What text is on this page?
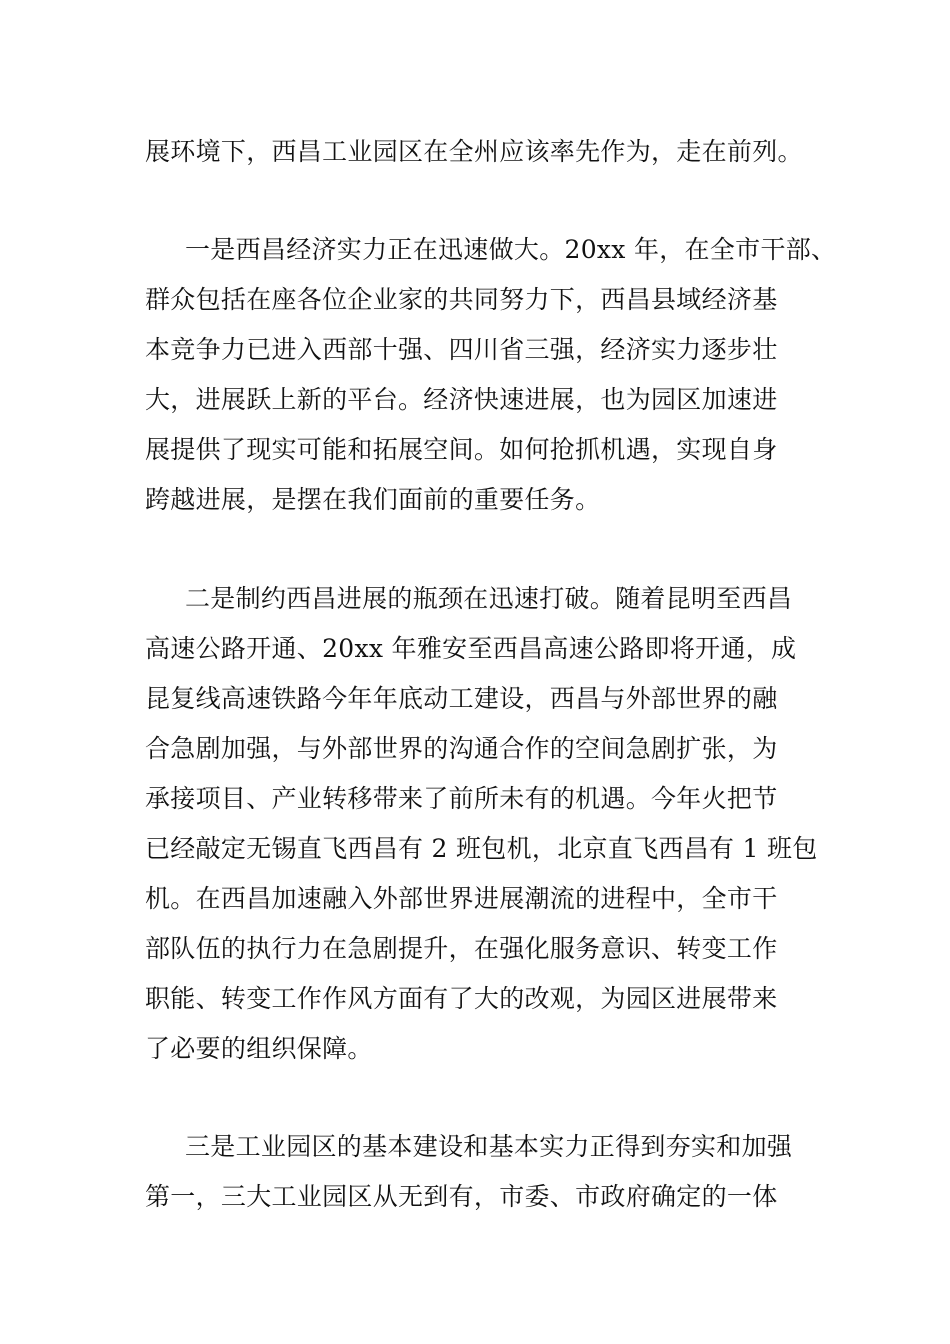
展环境下，西昌工业园区在全州应该率先作为，走在前列。
一是西昌经济实力正在迅速做大。20xx 年，在全市干部、
群众包括在座各位企业家的共同努力下，西昌县域经济基
本竞争力已进入西部十强、四川省三强，经济实力逐步壮
大，进展跃上新的平台。经济快速进展，也为园区加速进
展提供了现实可能和拓展空间。如何抢抓机遇，实现自身
跨越进展，是摆在我们面前的重要任务。
二是制约西昌进展的瓶颈在迅速打破。随着昆明至西昌
高速公路开通、20xx 年雅安至西昌高速公路即将开通，成
昆复线高速铁路今年年底动工建设，西昌与外部世界的融
合急剧加强，与外部世界的沟通合作的空间急剧扩张，为
承接项目、产业转移带来了前所未有的机遇。今年火把节
已经敲定无锡直飞西昌有 2 班包机，北京直飞西昌有 1 班包
机。在西昌加速融入外部世界进展潮流的进程中，全市干
部队伍的执行力在急剧提升，在强化服务意识、转变工作
职能、转变工作作风方面有了大的改观，为园区进展带来
了必要的组织保障。
三是工业园区的基本建设和基本实力正得到夯实和加强
第一，三大工业园区从无到有，市委、市政府确定的一体
